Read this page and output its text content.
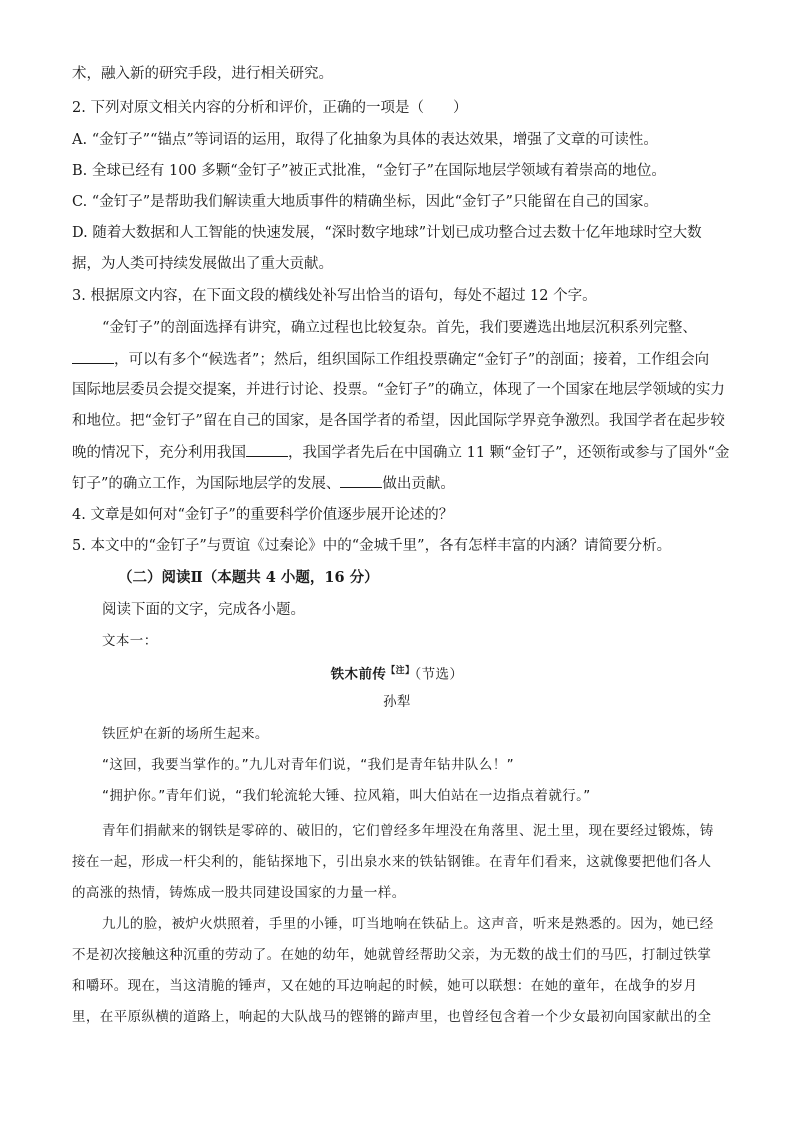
术，融入新的研究手段，进行相关研究。
2. 下列对原文相关内容的分析和评价，正确的一项是（　　）
A. “金钉子”“锚点”等词语的运用，取得了化抽象为具体的表达效果，增强了文章的可读性。
B. 全球已经有 100 多颗“金钉子”被正式批准，“金钉子”在国际地层学领域有着崇高的地位。
C. “金钉子”是帮助我们解读重大地质事件的精确坐标，因此“金钉子”只能留在自己的国家。
D. 随着大数据和人工智能的快速发展，“深时数字地球”计划已成功整合过去数十亿年地球时空大数
据，为人类可持续发展做出了重大贡献。
3. 根据原文内容，在下面文段的横线处补写出恰当的语句，每处不超过 12 个字。
“金钉子”的剖面选择有讲究，确立过程也比较复杂。首先，我们要遴选出地层沉积系列完整、
，可以有多个“候选者”；然后，组织国际工作组投票确定“金钉子”的剖面；接着，工作组会向
国际地层委员会提交提案，并进行讨论、投票。“金钉子”的确立，体现了一个国家在地层学领域的实力
和地位。把“金钉子”留在自己的国家，是各国学者的希望，因此国际学界竞争激烈。我国学者在起步较
晚的情况下，充分利用我国	，我国学者先后在中国确立 11 颗“金钉子”，还领衔或参与了国外“金
钉子”的确立工作，为国际地层学的发展、	做出贡献。
4. 文章是如何对“金钉子”的重要科学价值逐步展开论述的？
5. 本文中的“金钉子”与贾谊《过秦论》中的“金城千里”，各有怎样丰富的内涵？请简要分析。
（二）阅读Ⅱ（本题共 4 小题，16 分）
阅读下面的文字，完成各小题。
文本一：
铁木前传$^{【注】}$（节选）
孙犁
铁匠炉在新的场所生起来。
“这回，我要当掌作的。”九儿对青年们说，“我们是青年钻井队么！”
“拥护你。”青年们说，“我们轮流轮大锤、拉风箱，叫大伯站在一边指点着就行。”
青年们捐献来的钢铁是零碎的、破旧的，它们曾经多年埋没在角落里、泥土里，现在要经过锻炼，铸
接在一起，形成一杆尖利的，能钻探地下，引出泉水来的铁钻钢锥。在青年们看来，这就像要把他们各人
的高涨的热情，铸炼成一股共同建设国家的力量一样。
九儿的脸，被炉火烘照着，手里的小锤，叮当地响在铁砧上。这声音，听来是熟悉的。因为，她已经
不是初次接触这种沉重的劳动了。在她的幼年，她就曾经帮助父亲，为无数的战士们的马匹，打制过铁掌
和嚼环。现在，当这清脆的锤声，又在她的耳边响起的时候，她可以联想：在她的童年，在战争的岁月
里，在平原纵横的道路上，响起的大队战马的铿锵的蹄声里，也曾经包含着一个少女最初向国家献出的全
